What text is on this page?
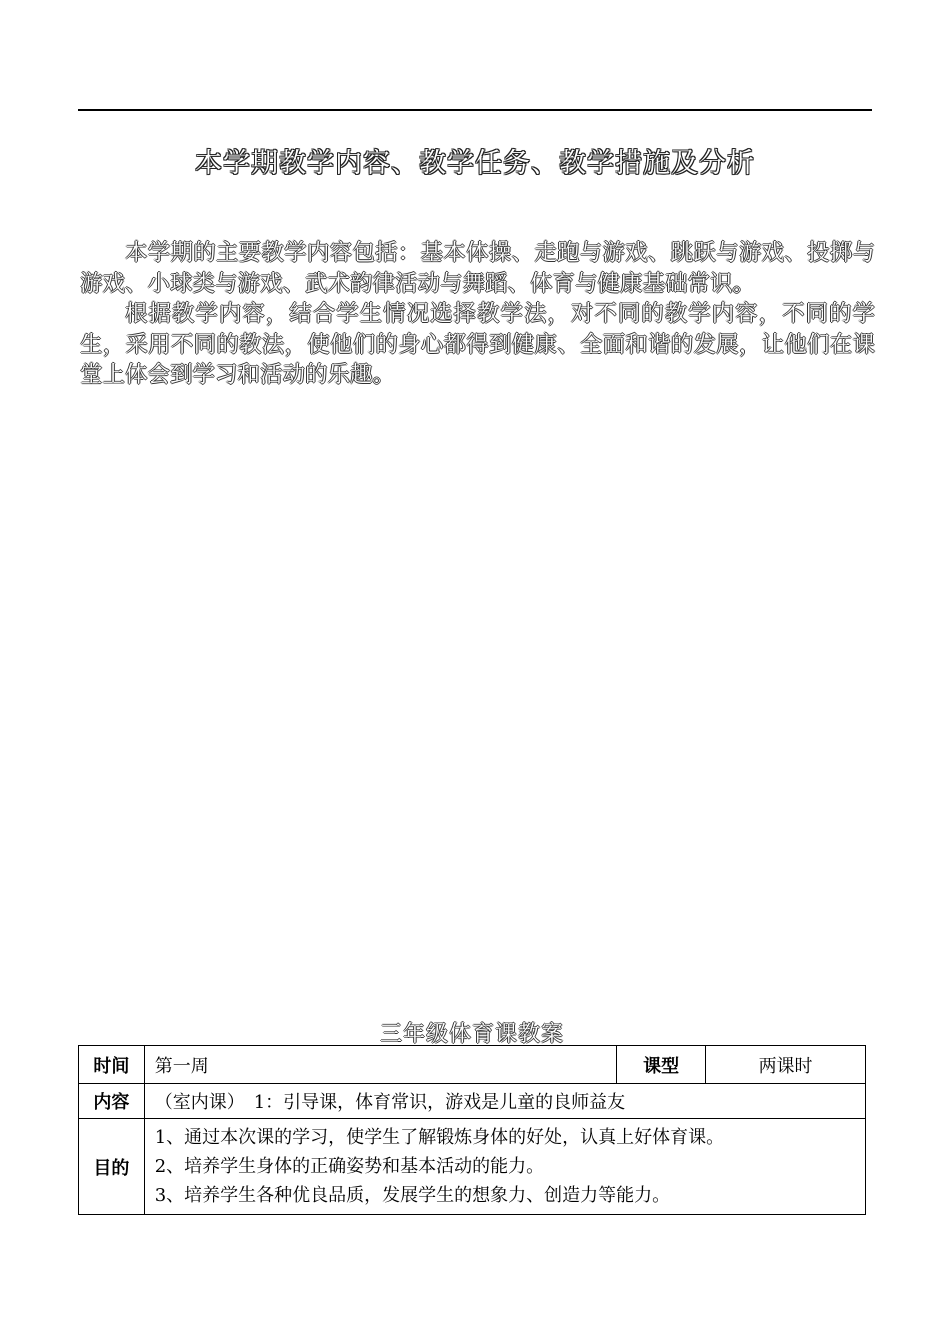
本学期教学内容、教学任务、教学措施及分析

本学期的主要教学内容包括：基本体操、走跑与游戏、跳跃与游戏、投掷与游戏、小球类与游戏、武术韵律活动与舞蹈、体育与健康基础常识。

根据教学内容，结合学生情况选择教学法，对不同的教学内容，不同的学生，采用不同的教法，使他们的身心都得到健康、全面和谐的发展，让他们在课堂上体会到学习和活动的乐趣。

三年级体育课教案
时间	第一周	课型	两课时
内容	（室内课）　1：引导课，体育常识，游戏是儿童的良师益友		
目的	1、通过本次课的学习，使学生了解锻炼身体的好处，认真上好体育课。
2、培养学生身体的正确姿势和基本活动的能力。
3、培养学生各种优良品质，发展学生的想象力、创造力等能力。		
